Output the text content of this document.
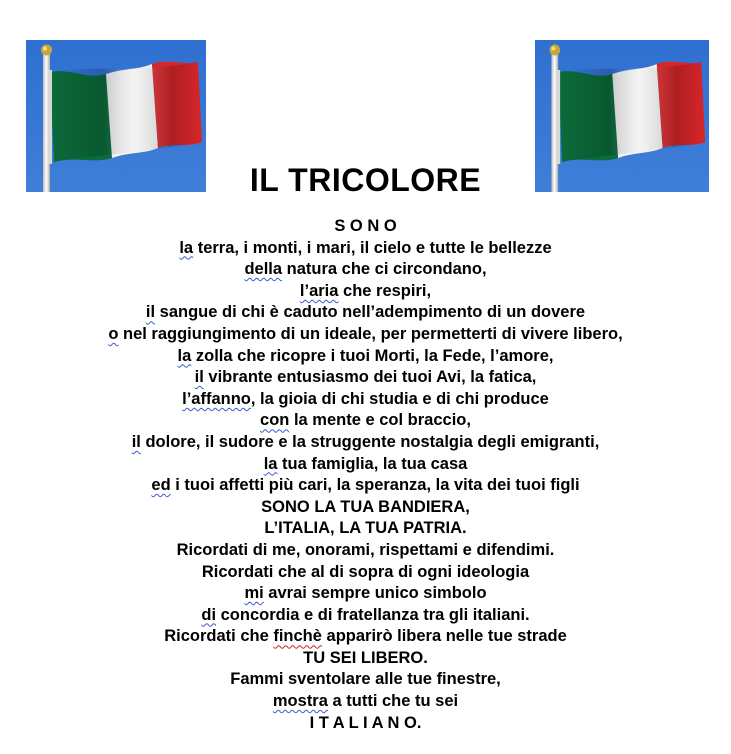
IL TRICOLORE
S O N O
la terra, i monti, i mari, il cielo e tutte le bellezze
della natura che ci circondano,
l’aria che respiri,
il sangue di chi è caduto nell’adempimento di un dovere
o nel raggiungimento di un ideale, per permetterti di vivere libero,
la zolla che ricopre i tuoi Morti, la Fede, l’amore,
il vibrante entusiasmo dei tuoi Avi, la fatica,
l’affanno, la gioia di chi studia e di chi produce
con la mente e col braccio,
il dolore, il sudore e la struggente nostalgia degli emigranti,
la tua famiglia, la tua casa
ed i tuoi affetti più cari, la speranza, la vita dei tuoi figli
SONO LA TUA BANDIERA,
L’ITALIA, LA TUA PATRIA.
Ricordati di me, onorami, rispettami e difendimi.
Ricordati che al di sopra di ogni ideologia
mi avrai sempre unico simbolo
di concordia e di fratellanza tra gli italiani.
Ricordati che finchè apparirò libera nelle tue strade
TU SEI LIBERO.
Fammi sventolare alle tue finestre,
mostra a tutti che tu sei
I T A L I A N O.
